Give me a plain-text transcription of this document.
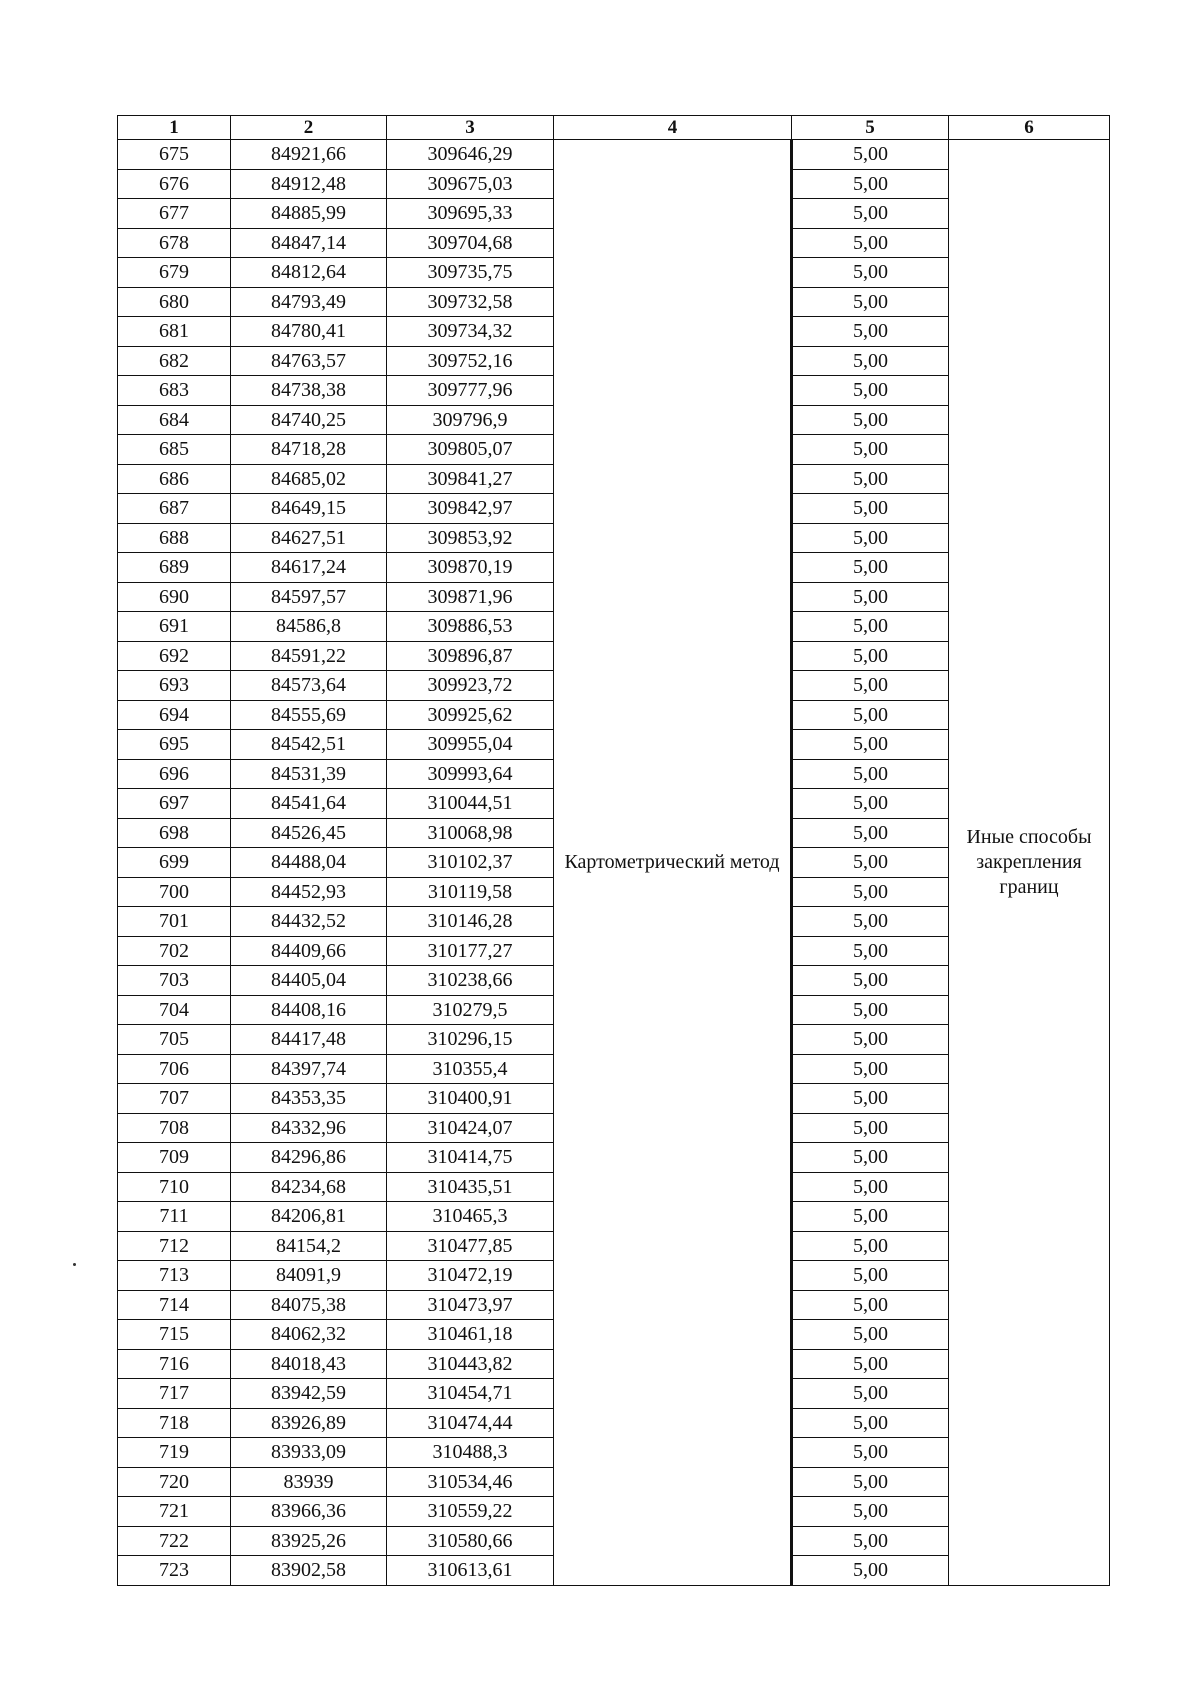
1	2	3	4	5	6
675	84921,66	309646,29	Картометрический метод	5,00	Иные способы закрепления границ
676	84912,48	309675,03		5,00	
677	84885,99	309695,33		5,00	
678	84847,14	309704,68		5,00	
679	84812,64	309735,75		5,00	
680	84793,49	309732,58		5,00	
681	84780,41	309734,32		5,00	
682	84763,57	309752,16		5,00	
683	84738,38	309777,96		5,00	
684	84740,25	309796,9		5,00	
685	84718,28	309805,07		5,00	
686	84685,02	309841,27		5,00	
687	84649,15	309842,97		5,00	
688	84627,51	309853,92		5,00	
689	84617,24	309870,19		5,00	
690	84597,57	309871,96		5,00	
691	84586,8	309886,53		5,00	
692	84591,22	309896,87		5,00	
693	84573,64	309923,72		5,00	
694	84555,69	309925,62		5,00	
695	84542,51	309955,04		5,00	
696	84531,39	309993,64		5,00	
697	84541,64	310044,51		5,00	
698	84526,45	310068,98		5,00	
699	84488,04	310102,37		5,00	
700	84452,93	310119,58		5,00	
701	84432,52	310146,28		5,00	
702	84409,66	310177,27		5,00	
703	84405,04	310238,66		5,00	
704	84408,16	310279,5		5,00	
705	84417,48	310296,15		5,00	
706	84397,74	310355,4		5,00	
707	84353,35	310400,91		5,00	
708	84332,96	310424,07		5,00	
709	84296,86	310414,75		5,00	
710	84234,68	310435,51		5,00	
711	84206,81	310465,3		5,00	
712	84154,2	310477,85		5,00	
713	84091,9	310472,19		5,00	
714	84075,38	310473,97		5,00	
715	84062,32	310461,18		5,00	
716	84018,43	310443,82		5,00	
717	83942,59	310454,71		5,00	
718	83926,89	310474,44		5,00	
719	83933,09	310488,3		5,00	
720	83939	310534,46		5,00	
721	83966,36	310559,22		5,00	
722	83925,26	310580,66		5,00	
723	83902,58	310613,61		5,00	
